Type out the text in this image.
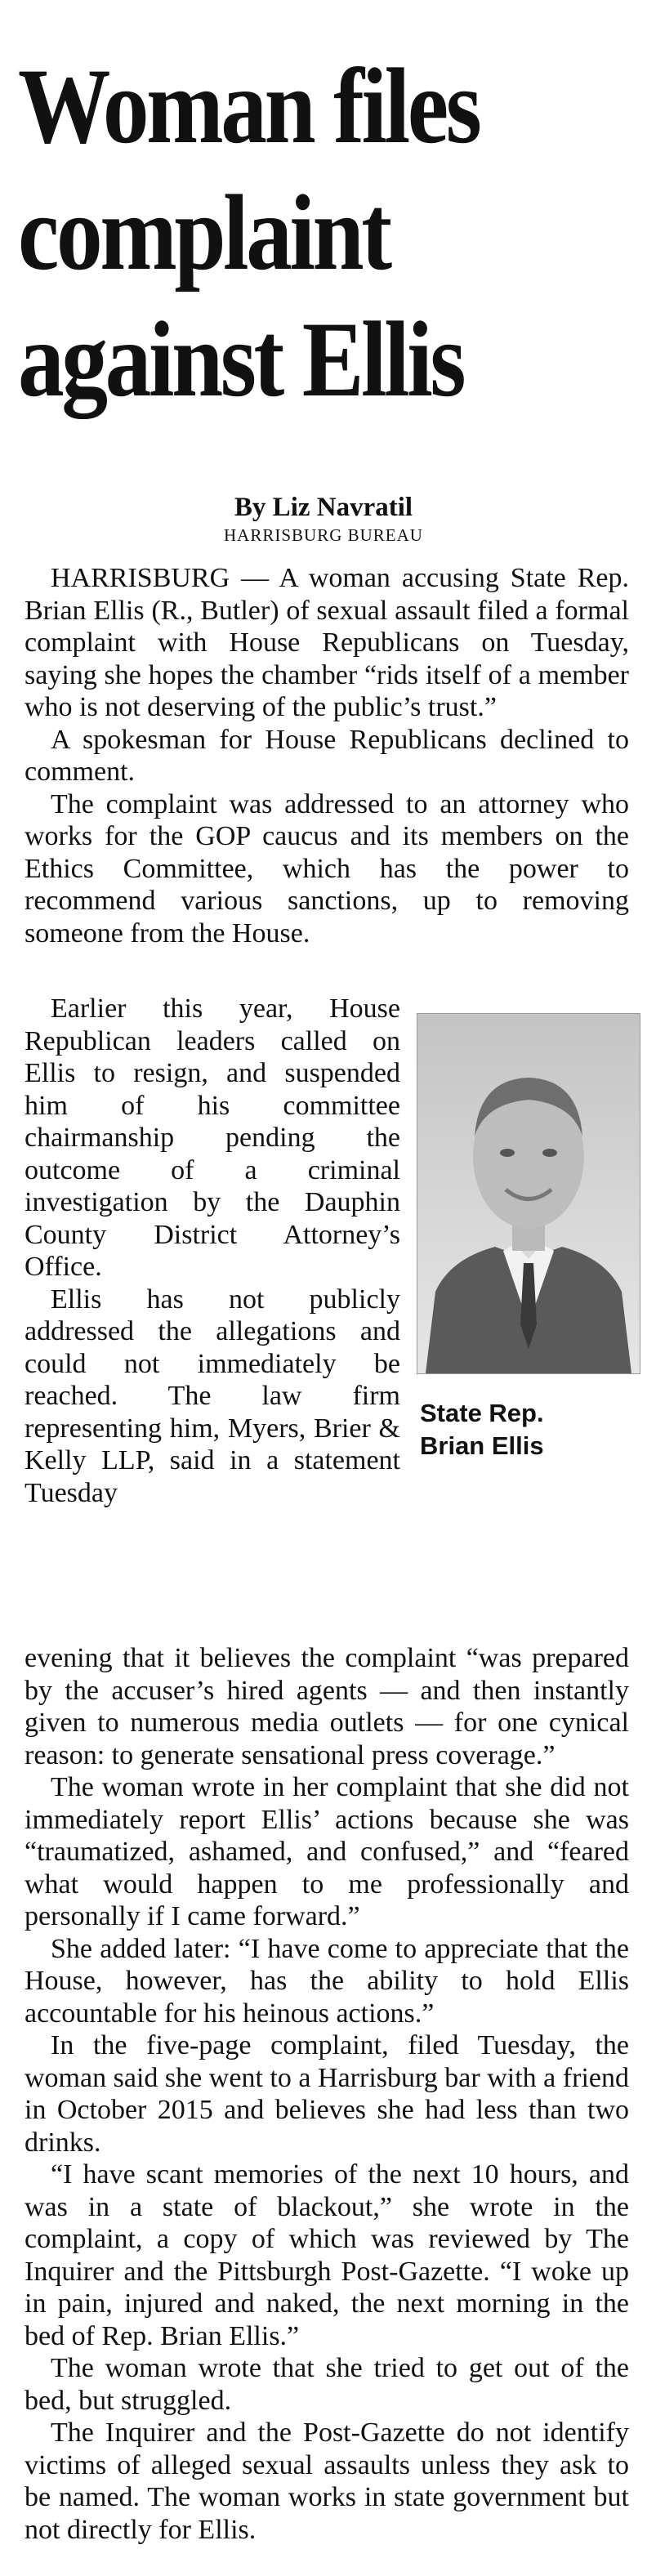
Woman files
complaint
against Ellis
By Liz Navratil
HARRISBURG BUREAU

HARRISBURG — A woman accusing State Rep. Brian Ellis (R., Butler) of sexual assault filed a formal complaint with House Republicans on Tuesday, saying she hopes the chamber “rids itself of a member who is not deserving of the public’s trust.”

A spokesman for House Republicans declined to comment.

The complaint was addressed to an attorney who works for the GOP caucus and its members on the Ethics Committee, which has the power to recommend various sanctions, up to removing someone from the House.

Earlier this year, House Republican leaders called on Ellis to resign, and suspended him of his committee chairmanship pending the outcome of a criminal investigation by the Dauphin County District Attorney’s Office.

Ellis has not publicly addressed the allegations and could not immediately be reached. The law firm representing him, Myers, Brier & Kelly LLP, said in a statement Tuesday

State Rep.
Brian Ellis

evening that it believes the complaint “was prepared by the accuser’s hired agents — and then instantly given to numerous media outlets — for one cynical reason: to generate sensational press coverage.”

The woman wrote in her complaint that she did not immediately report Ellis’ actions because she was “traumatized, ashamed, and confused,” and “feared what would happen to me professionally and personally if I came forward.”

She added later: “I have come to appreciate that the House, however, has the ability to hold Ellis accountable for his heinous actions.”

In the five-page complaint, filed Tuesday, the woman said she went to a Harrisburg bar with a friend in October 2015 and believes she had less than two drinks.

“I have scant memories of the next 10 hours, and was in a state of blackout,” she wrote in the complaint, a copy of which was reviewed by The Inquirer and the Pittsburgh Post-Gazette. “I woke up in pain, injured and naked, the next morning in the bed of Rep. Brian Ellis.”

The woman wrote that she tried to get out of the bed, but struggled.

The Inquirer and the Post-Gazette do not identify victims of alleged sexual assaults unless they ask to be named. The woman works in state government but not directly for Ellis.
